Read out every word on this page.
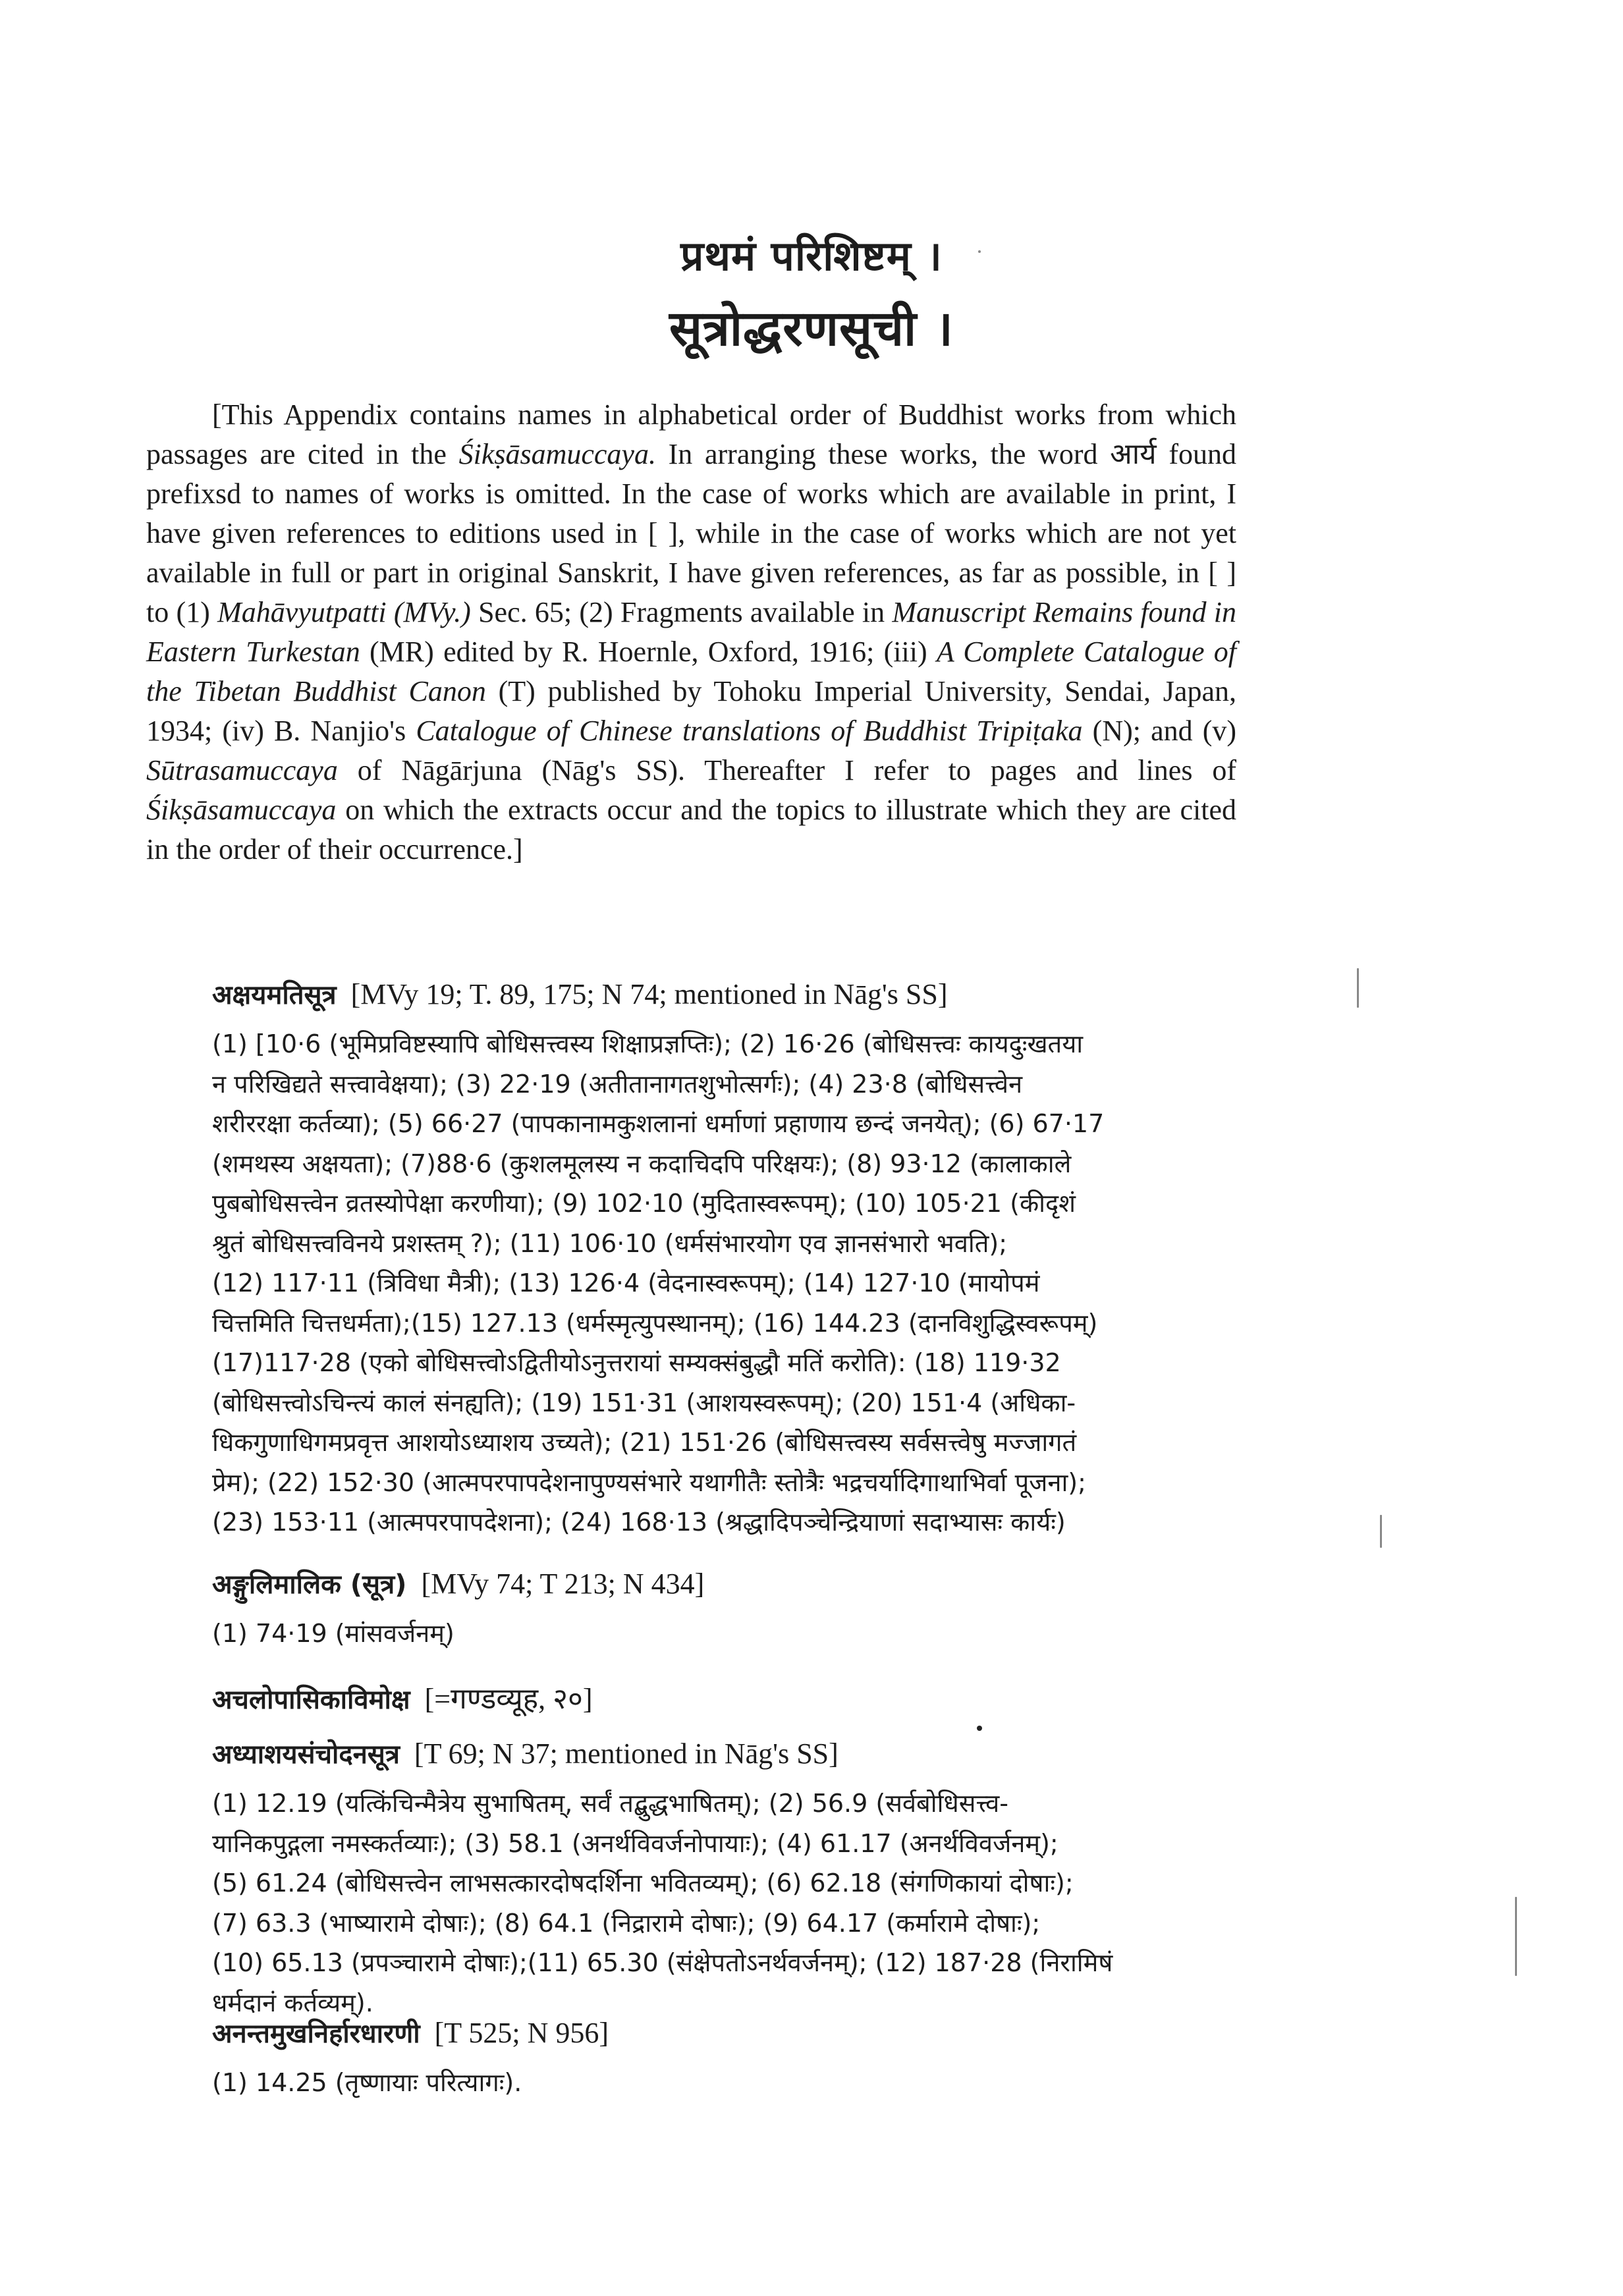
प्रथमं परिशिष्टम् ।
सूत्रोद्धरणसूची ।
[This Appendix contains names in alphabetical order of Buddhist works from which passages are cited in the Śikṣāsamuccaya. In arranging these works, the word आर्य found prefixsd to names of works is omitted. In the case of works which are available in print, I have given references to editions used in [ ], while in the case of works which are not yet available in full or part in original Sanskrit, I have given references, as far as possible, in [ ] to (1) Mahāvyutpatti (MVy.) Sec. 65; (2) Fragments available in Manuscript Remains found in Eastern Turkestan (MR) edited by R. Hoernle, Oxford, 1916; (iii) A Complete Catalogue of the Tibetan Buddhist Canon (T) published by Tohoku Imperial University, Sendai, Japan, 1934; (iv) B. Nanjio's Catalogue of Chinese translations of Buddhist Tripiṭaka (N); and (v) Sūtrasamuccaya of Nāgārjuna (Nāg's SS). Thereafter I refer to pages and lines of Śikṣāsamuccaya on which the extracts occur and the topics to illustrate which they are cited in the order of their occurrence.]
अक्षयमतिसूत्र [MVy 19; T. 89, 175; N 74; mentioned in Nāg's SS]
(1) [10·6 (भूमिप्रविष्टस्यापि बोधिसत्त्वस्य शिक्षाप्रज्ञप्तिः); (2) 16·26 (बोधिसत्त्वः कायदुःखतया
न परिखिद्यते सत्त्वावेक्षया); (3) 22·19 (अतीतानागतशुभोत्सर्गः); (4) 23·8 (बोधिसत्त्वेन
शरीररक्षा कर्तव्या); (5) 66·27 (पापकानामकुशलानां धर्माणां प्रहाणाय छन्दं जनयेत्); (6) 67·17
(शमथस्य अक्षयता); (7)88·6 (कुशलमूलस्य न कदाचिदपि परिक्षयः); (8) 93·12 (कालाकाले
पुबबोधिसत्त्वेन व्रतस्योपेक्षा करणीया); (9) 102·10 (मुदितास्वरूपम्); (10) 105·21 (कीदृशं
श्रुतं बोधिसत्त्वविनये प्रशस्तम् ?); (11) 106·10 (धर्मसंभारयोग एव ज्ञानसंभारो भवति);
(12) 117·11 (त्रिविधा मैत्री); (13) 126·4 (वेदनास्वरूपम्); (14) 127·10 (मायोपमं
चित्तमिति चित्तधर्मता);(15) 127.13 (धर्मस्मृत्युपस्थानम्); (16) 144.23 (दानविशुद्धिस्वरूपम्)
(17)117·28 (एको बोधिसत्त्वोऽद्वितीयोऽनुत्तरायां सम्यक्संबुद्धौ मतिं करोति): (18) 119·32
(बोधिसत्त्वोऽचिन्त्यं कालं संनह्यति); (19) 151·31 (आशयस्वरूपम्); (20) 151·4 (अधिका-
धिकगुणाधिगमप्रवृत्त आशयोऽध्याशय उच्यते); (21) 151·26 (बोधिसत्त्वस्य सर्वसत्त्वेषु मज्जागतं
प्रेम); (22) 152·30 (आत्मपरपापदेशनापुण्यसंभारे यथागीतैः स्तोत्रैः भद्रचर्यादिगाथाभिर्वा पूजना);
(23) 153·11 (आत्मपरपापदेशना); (24) 168·13 (श्रद्धादिपञ्चेन्द्रियाणां सदाभ्यासः कार्यः)
अङ्गुलिमालिक (सूत्र) [MVy 74; T 213; N 434]
(1) 74·19 (मांसवर्जनम्)
अचलोपासिकाविमोक्ष [=गण्डव्यूह, २०]
अध्याशयसंचोदनसूत्र [T 69; N 37; mentioned in Nāg's SS]
(1) 12.19 (यत्किंचिन्मैत्रेय सुभाषितम्, सर्वं तद्बुद्धभाषितम्); (2) 56.9 (सर्वबोधिसत्त्व-
यानिकपुद्गला नमस्कर्तव्याः); (3) 58.1 (अनर्थविवर्जनोपायाः); (4) 61.17 (अनर्थविवर्जनम्);
(5) 61.24 (बोधिसत्त्वेन लाभसत्कारदोषदर्शिना भवितव्यम्); (6) 62.18 (संगणिकायां दोषाः);
(7) 63.3 (भाष्यारामे दोषाः); (8) 64.1 (निद्रारामे दोषाः); (9) 64.17 (कर्मारामे दोषाः);
(10) 65.13 (प्रपञ्चारामे दोषाः);(11) 65.30 (संक्षेपतोऽनर्थवर्जनम्); (12) 187·28 (निरामिषं
धर्मदानं कर्तव्यम्).
अनन्तमुखनिर्हारधारणी [T 525; N 956]
(1) 14.25 (तृष्णायाः परित्यागः).
